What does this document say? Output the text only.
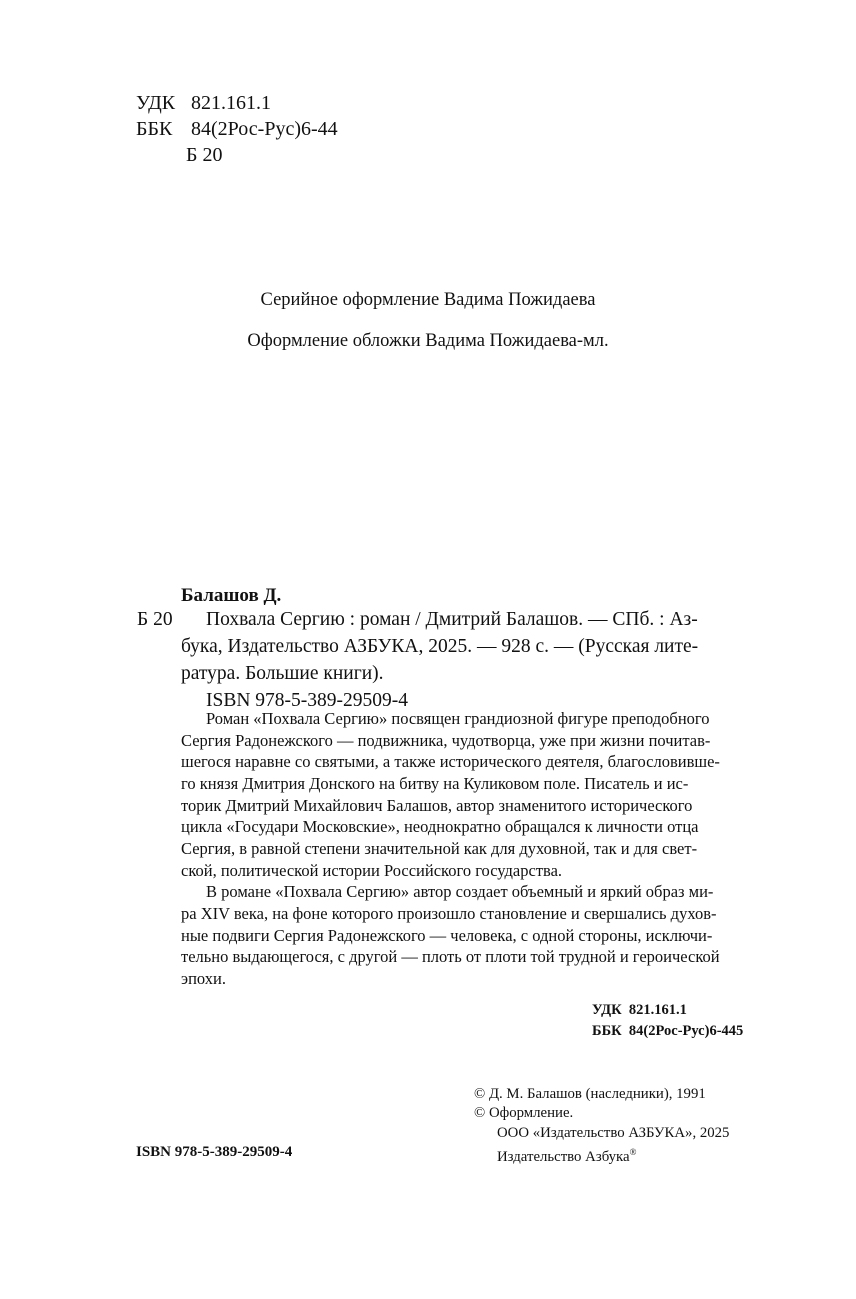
УДК 821.161.1
ББК 84(2Рос-Рус)6-44
Б 20
Серийное оформление Вадима Пожидаева
Оформление обложки Вадима Пожидаева-мл.
Балашов Д.
Б 20 Похвала Сергию : роман / Дмитрий Балашов. — СПб. : Аз-
бука, Издательство АЗБУКА, 2025. — 928 с. — (Русская лите-
ратура. Большие книги).
ISBN 978-5-389-29509-4
Роман «Похвала Сергию» посвящен грандиозной фигуре преподобного
Сергия Радонежского — подвижника, чудотворца, уже при жизни почитав-
шегося наравне со святыми, а также исторического деятеля, благословивше-
го князя Дмитрия Донского на битву на Куликовом поле. Писатель и ис-
торик Дмитрий Михайлович Балашов, автор знаменитого исторического
цикла «Государи Московские», неоднократно обращался к личности отца
Сергия, в равной степени значительной как для духовной, так и для свет-
ской, политической истории Российского государства.
В романе «Похвала Сергию» автор создает объемный и яркий образ ми-
ра XIV века, на фоне которого произошло становление и свершались духов-
ные подвиги Сергия Радонежского — человека, с одной стороны, исключи-
тельно выдающегося, с другой — плоть от плоти той трудной и героической
эпохи.
УДК  821.161.1
ББК  84(2Рос-Рус)6-445
© Д. М. Балашов (наследники), 1991
© Оформление.
ООО «Издательство АЗБУКА», 2025
Издательство Азбука®
ISBN 978-5-389-29509-4
